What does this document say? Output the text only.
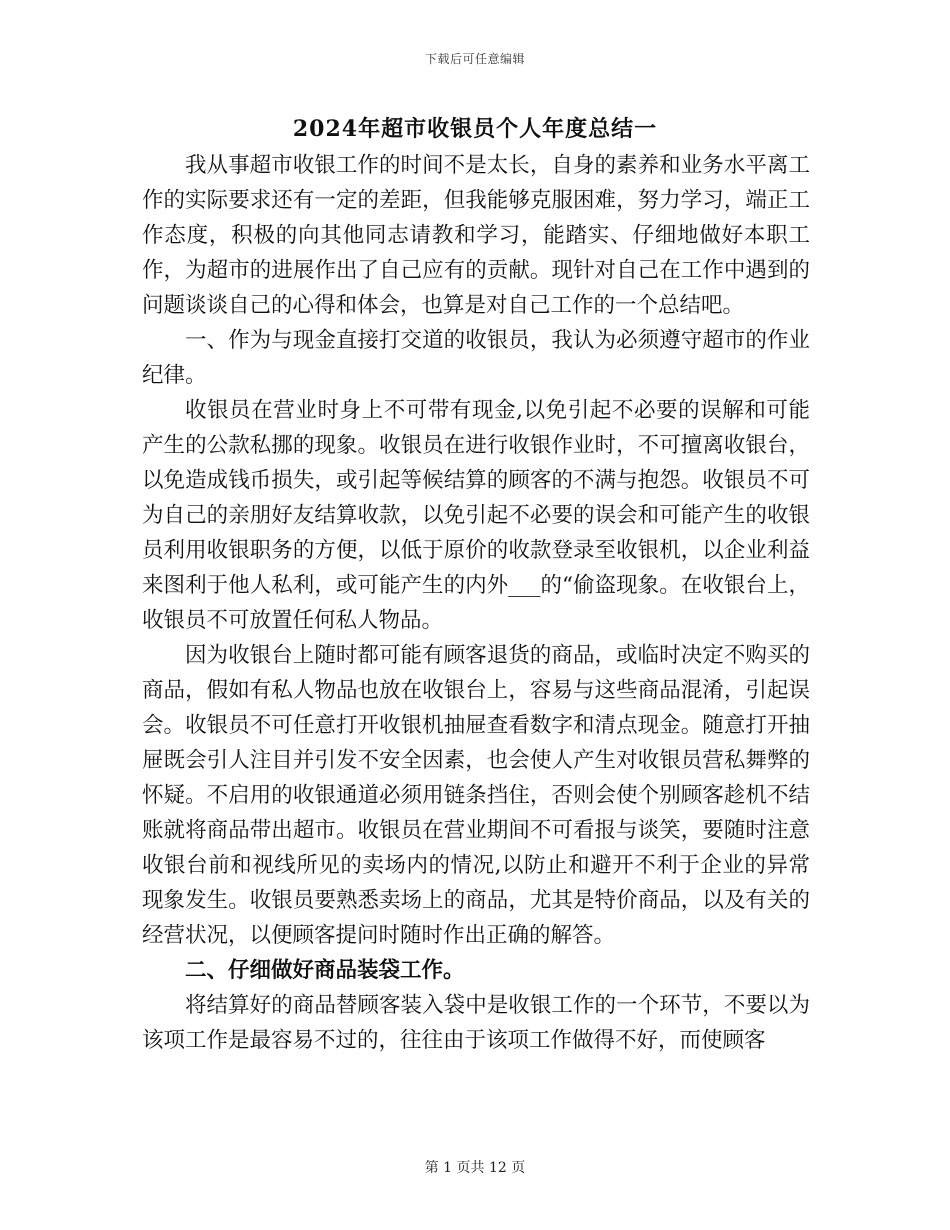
下载后可任意编辑
2024年超市收银员个人年度总结一

我从事超市收银工作的时间不是太长，自身的素养和业务水平离工作的实际要求还有一定的差距，但我能够克服困难，努力学习，端正工作态度，积极的向其他同志请教和学习，能踏实、仔细地做好本职工作，为超市的进展作出了自己应有的贡献。现针对自己在工作中遇到的问题谈谈自己的心得和体会，也算是对自己工作的一个总结吧。

一、作为与现金直接打交道的收银员，我认为必须遵守超市的作业纪律。

收银员在营业时身上不可带有现金,以免引起不必要的误解和可能产生的公款私挪的现象。收银员在进行收银作业时，不可擅离收银台，以免造成钱币损失，或引起等候结算的顾客的不满与抱怨。收银员不可为自己的亲朋好友结算收款，以免引起不必要的误会和可能产生的收银员利用收银职务的方便，以低于原价的收款登录至收银机，以企业利益来图利于他人私利，或可能产生的内外___的“偷盗现象。在收银台上，收银员不可放置任何私人物品。

因为收银台上随时都可能有顾客退货的商品，或临时决定不购买的商品，假如有私人物品也放在收银台上，容易与这些商品混淆，引起误会。收银员不可任意打开收银机抽屉查看数字和清点现金。随意打开抽屉既会引人注目并引发不安全因素，也会使人产生对收银员营私舞弊的怀疑。不启用的收银通道必须用链条挡住，否则会使个别顾客趁机不结账就将商品带出超市。收银员在营业期间不可看报与谈笑，要随时注意收银台前和视线所见的卖场内的情况,以防止和避开不利于企业的异常现象发生。收银员要熟悉卖场上的商品，尤其是特价商品，以及有关的经营状况，以便顾客提问时随时作出正确的解答。

二、仔细做好商品装袋工作。

将结算好的商品替顾客装入袋中是收银工作的一个环节，不要以为该项工作是最容易不过的，往往由于该项工作做得不好，而使顾客

第 1 页共 12 页
